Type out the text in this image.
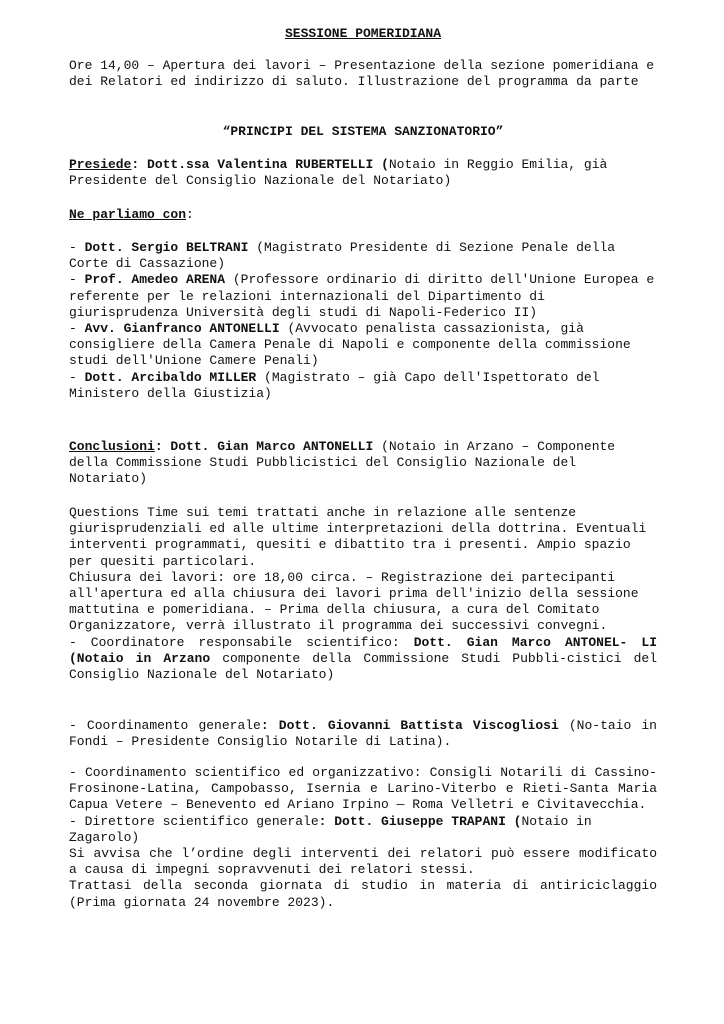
SESSIONE POMERIDIANA

Ore 14,00 – Apertura dei lavori – Presentazione della sezione pomeridiana e dei Relatori ed indirizzo di saluto. Illustrazione del programma da parte

“PRINCIPI DEL SISTEMA SANZIONATORIO”

Presiede: Dott.ssa Valentina RUBERTELLI (Notaio in Reggio Emilia, già Presidente del Consiglio Nazionale del Notariato)

Ne parliamo con:

- Dott. Sergio BELTRANI (Magistrato Presidente di Sezione Penale della Corte di Cassazione)

- Prof. Amedeo ARENA (Professore ordinario di diritto dell'Unione Europea e referente per le relazioni internazionali del Dipartimento di giurisprudenza Università degli studi di Napoli-Federico II)

- Avv. Gianfranco ANTONELLI (Avvocato penalista cassazionista, già consigliere della Camera Penale di Napoli e componente della commissione studi dell'Unione Camere Penali)

- Dott. Arcibaldo MILLER (Magistrato – già Capo dell'Ispettorato del Ministero della Giustizia)

Conclusioni: Dott. Gian Marco ANTONELLI (Notaio in Arzano – Componente della Commissione Studi Pubblicistici del Consiglio Nazionale del Notariato)

Questions Time sui temi trattati anche in relazione alle sentenze giurisprudenziali ed alle ultime interpretazioni della dottrina. Eventuali interventi programmati, quesiti e dibattito tra i presenti. Ampio spazio per quesiti particolari.

Chiusura dei lavori: ore 18,00 circa. – Registrazione dei partecipanti all'apertura ed alla chiusura dei lavori prima dell'inizio della sessione mattutina e pomeridiana. – Prima della chiusura, a cura del Comitato Organizzatore, verrà illustrato il programma dei successivi convegni.

- Coordinatore responsabile scientifico: Dott. Gian Marco ANTONEL- LI (Notaio in Arzano componente della Commissione Studi Pubbli-cistici del Consiglio Nazionale del Notariato)

- Coordinamento generale: Dott. Giovanni Battista Viscogliosi (No-taio in Fondi – Presidente Consiglio Notarile di Latina).

- Coordinamento scientifico ed organizzativo: Consigli Notarili di Cassino-Frosinone-Latina, Campobasso, Isernia e Larino-Viterbo e Rieti-Santa Maria Capua Vetere – Benevento ed Ariano Irpino — Roma Velletri e Civitavecchia.

- Direttore scientifico generale: Dott. Giuseppe TRAPANI (Notaio in Zagarolo)

Si avvisa che l’ordine degli interventi dei relatori può essere modificato a causa di impegni sopravvenuti dei relatori stessi.

Trattasi della seconda giornata di studio in materia di antiriciclaggio (Prima giornata 24 novembre 2023).
